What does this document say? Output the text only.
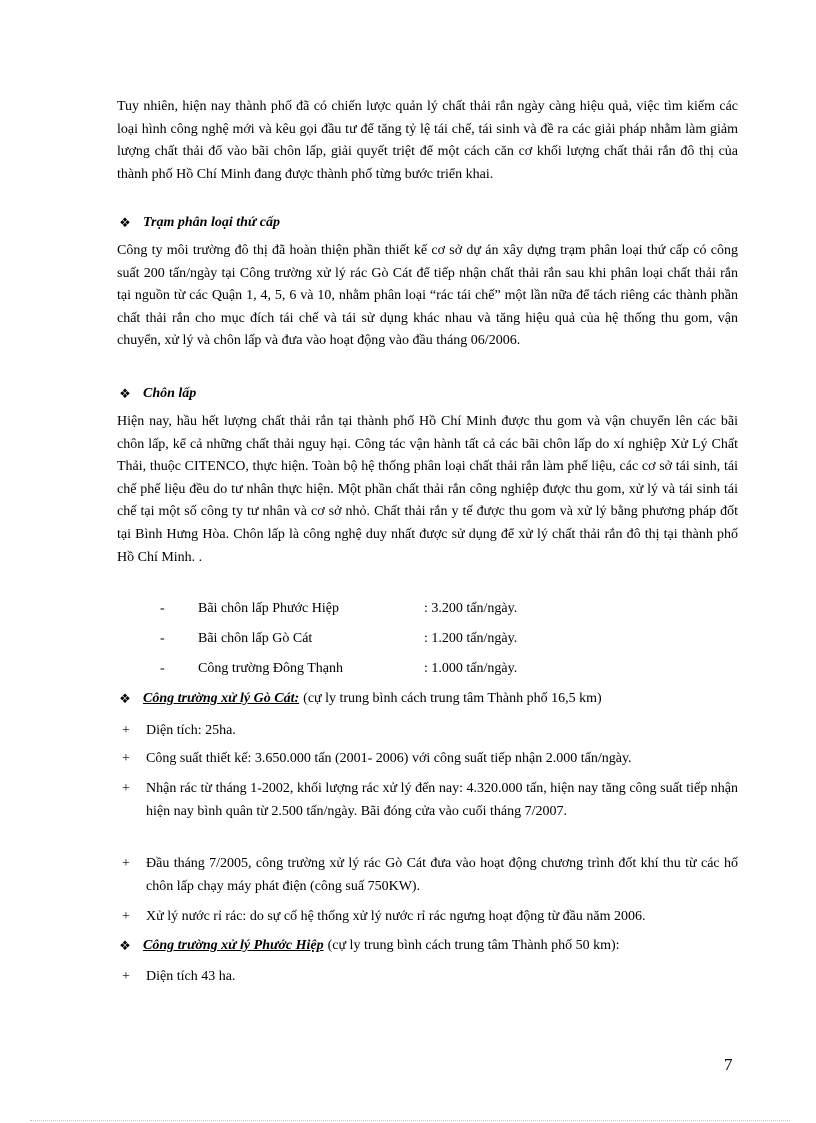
Tuy nhiên, hiện nay thành phố đã có chiến lược quản lý chất thải rắn ngày càng hiệu quả, việc tìm kiếm các loại hình công nghệ mới và kêu gọi đầu tư để tăng tỷ lệ tái chế, tái sinh và đề ra các giải pháp nhằm làm giảm lượng chất thải đổ vào bãi chôn lấp, giải quyết triệt để một cách căn cơ khối lượng chất thải rắn đô thị của thành phố Hồ Chí Minh đang được thành phố từng bước triển khai.
❖ Trạm phân loại thứ cấp
Công ty môi trường đô thị đã hoàn thiện phần thiết kế cơ sở dự án xây dựng trạm phân loại thứ cấp có công suất 200 tấn/ngày tại Công trường xử lý rác Gò Cát để tiếp nhận chất thải rắn sau khi phân loại chất thải rắn tại nguồn từ các Quận 1, 4, 5, 6 và 10, nhằm phân loại “rác tái chế” một lần nữa để tách riêng các thành phần chất thải rắn cho mục đích tái chế và tái sử dụng khác nhau và tăng hiệu quả của hệ thống thu gom, vận chuyển, xử lý và chôn lấp và đưa vào hoạt động vào đầu tháng 06/2006.
❖ Chôn lấp
Hiện nay, hầu hết lượng chất thải rắn tại thành phố Hồ Chí Minh được thu gom và vận chuyển lên các bãi chôn lấp, kể cả những chất thải nguy hại. Công tác vận hành tất cả các bãi chôn lấp do xí nghiệp Xử Lý Chất Thải, thuộc CITENCO, thực hiện. Toàn bộ hệ thống phân loại chất thải rắn làm phế liệu, các cơ sở tái sinh, tái chế phế liệu đều do tư nhân thực hiện. Một phần chất thải rắn công nghiệp được thu gom, xử lý và tái sinh tái chế tại một số công ty tư nhân và cơ sở nhỏ. Chất thải rắn y tế được thu gom và xử lý bằng phương pháp đốt tại Bình Hưng Hòa. Chôn lấp là công nghệ duy nhất được sử dụng để xử lý chất thải rắn đô thị tại thành phố Hồ Chí Minh. .
-	Bãi chôn lấp Phước Hiệp	: 3.200 tấn/ngày.
-	Bãi chôn lấp Gò Cát	: 1.200 tấn/ngày.
-	Công trường Đông Thạnh	: 1.000 tấn/ngày.
❖ Công trường xử lý Gò Cát: (cự ly trung bình cách trung tâm Thành phố 16,5 km)
+	Diện tích: 25ha.
+	Công suất thiết kế: 3.650.000 tấn (2001- 2006) với công suất tiếp nhận 2.000 tấn/ngày.
+	Nhận rác từ tháng 1-2002, khối lượng rác xử lý đến nay: 4.320.000 tấn, hiện nay tăng công suất tiếp nhận hiện nay bình quân từ 2.500 tấn/ngày. Bãi đóng cửa vào cuối tháng 7/2007.
+	Đầu tháng 7/2005, công trường xử lý rác Gò Cát đưa vào hoạt động chương trình đốt khí thu từ các hố chôn lấp chạy máy phát điện (công suấ 750KW).
+	Xử lý nước rỉ rác: do sự cố hệ thống xử lý nước rỉ rác ngưng hoạt động từ đầu năm 2006.
❖ Công trường xử lý Phước Hiệp (cự ly trung bình cách trung tâm Thành phố 50 km):
+	Diện tích 43 ha.
7
